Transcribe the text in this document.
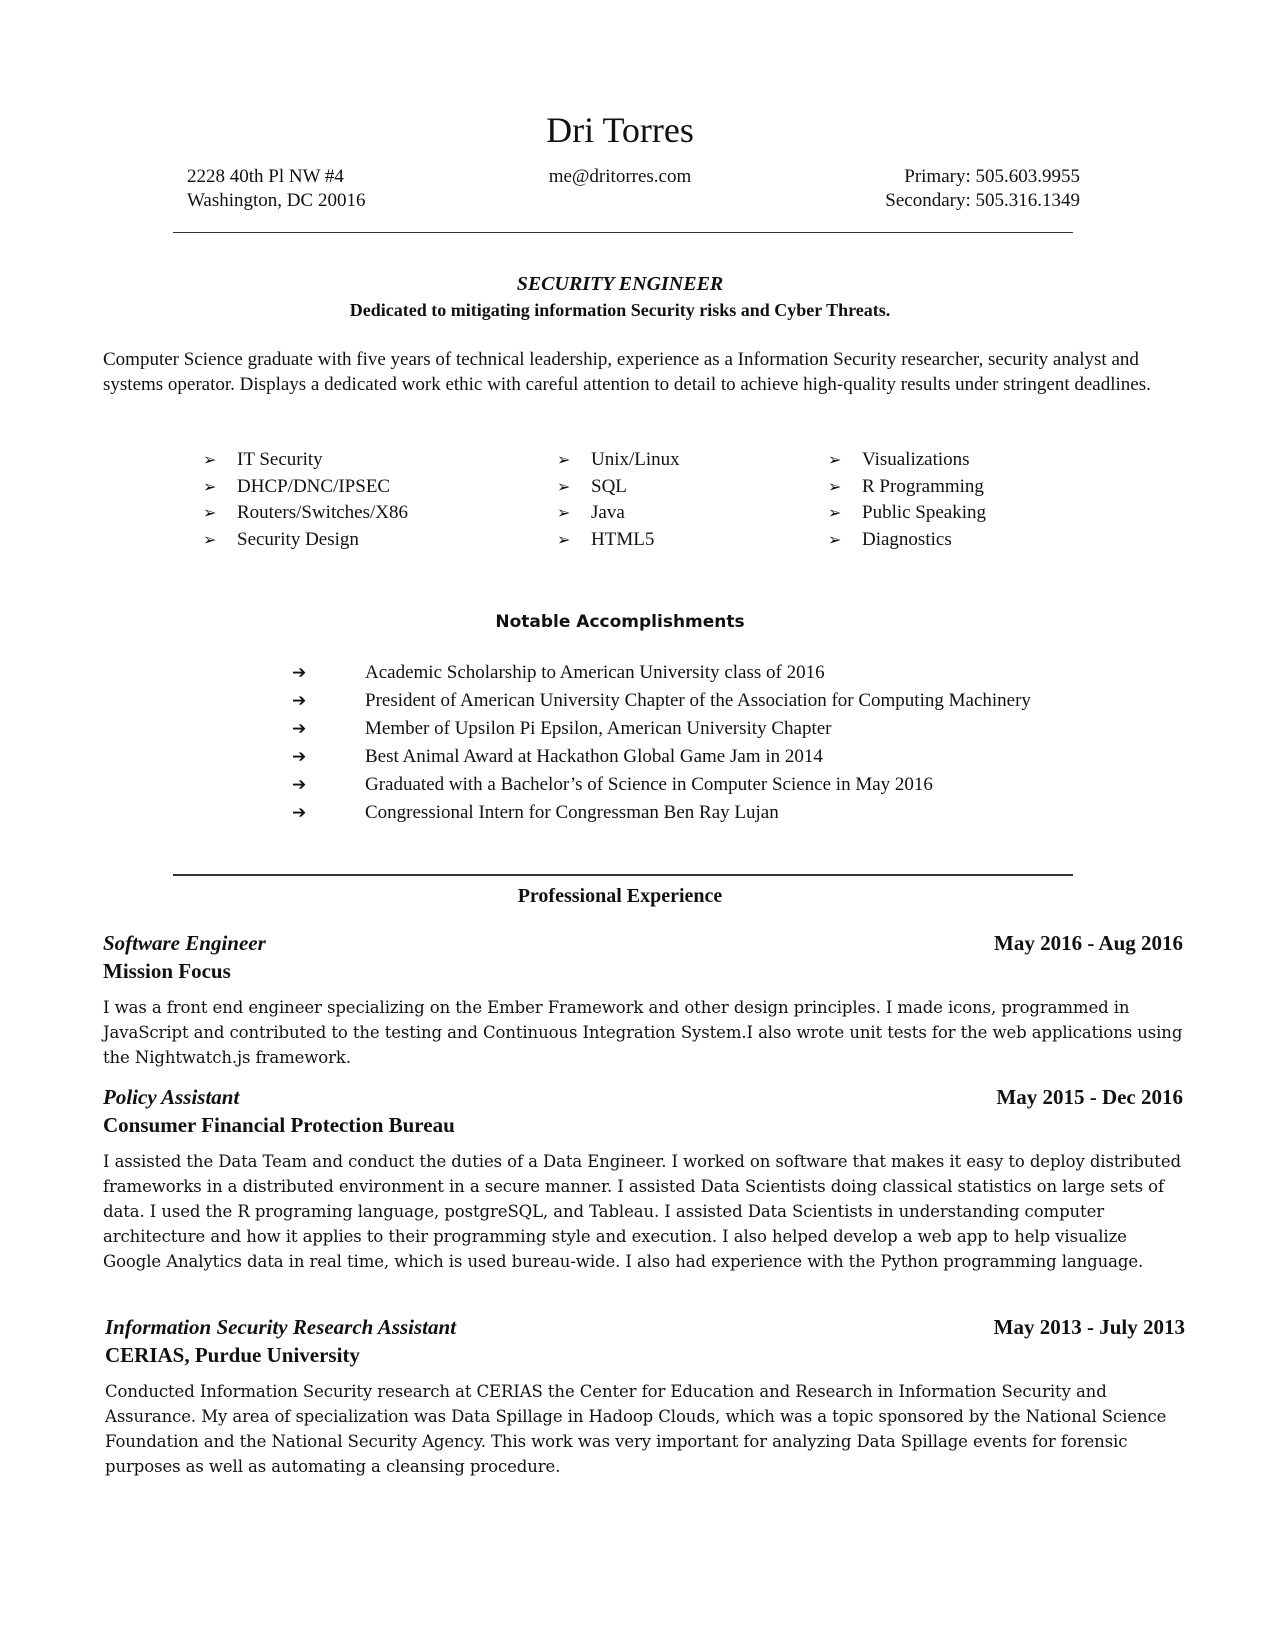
Dri Torres
2228 40th Pl NW #4
Washington, DC 20016
me@dritorres.com	Primary: 505.603.9955
Secondary: 505.316.1349
SECURITY ENGINEER
Dedicated to mitigating information Security risks and Cyber Threats.

Computer Science graduate with five years of technical leadership, experience as a Information Security researcher, security analyst and systems operator. Displays a dedicated work ethic with careful attention to detail to achieve high-quality results under stringent deadlines.

➢	IT Security
➢	DHCP/DNC/IPSEC
➢	Routers/Switches/X86
➢	Security Design
➢	Unix/Linux
➢	SQL
➢	Java
➢	HTML5
➢	Visualizations
➢	R Programming
➢	Public Speaking
➢	Diagnostics
Notable Accomplishments
➔	Academic Scholarship to American University class of 2016
➔	President of American University Chapter of the Association for Computing Machinery
➔	Member of Upsilon Pi Epsilon, American University Chapter
➔	Best Animal Award at Hackathon Global Game Jam in 2014
➔	Graduated with a Bachelor’s of Science in Computer Science in May 2016
➔	Congressional Intern for Congressman Ben Ray Lujan
Professional Experience
Software Engineer	May 2016 - Aug 2016
Mission Focus

I was a front end engineer specializing on the Ember Framework and other design principles. I made icons, programmed in JavaScript and contributed to the testing and Continuous Integration System.I also wrote unit tests for the web applications using the Nightwatch.js framework.

Policy Assistant	May 2015 - Dec 2016
Consumer Financial Protection Bureau

I assisted the Data Team and conduct the duties of a Data Engineer. I worked on software that makes it easy to deploy distributed frameworks in a distributed environment in a secure manner. I assisted Data Scientists doing classical statistics on large sets of data. I used the R programing language, postgreSQL, and Tableau. I assisted Data Scientists in understanding computer architecture and how it applies to their programming style and execution. I also helped develop a web app to help visualize Google Analytics data in real time, which is used bureau-wide. I also had experience with the Python programming language.

Information Security Research Assistant	May 2013 - July 2013
CERIAS, Purdue University

Conducted Information Security research at CERIAS the Center for Education and Research in Information Security and Assurance. My area of specialization was Data Spillage in Hadoop Clouds, which was a topic sponsored by the National Science Foundation and the National Security Agency. This work was very important for analyzing Data Spillage events for forensic purposes as well as automating a cleansing procedure.
